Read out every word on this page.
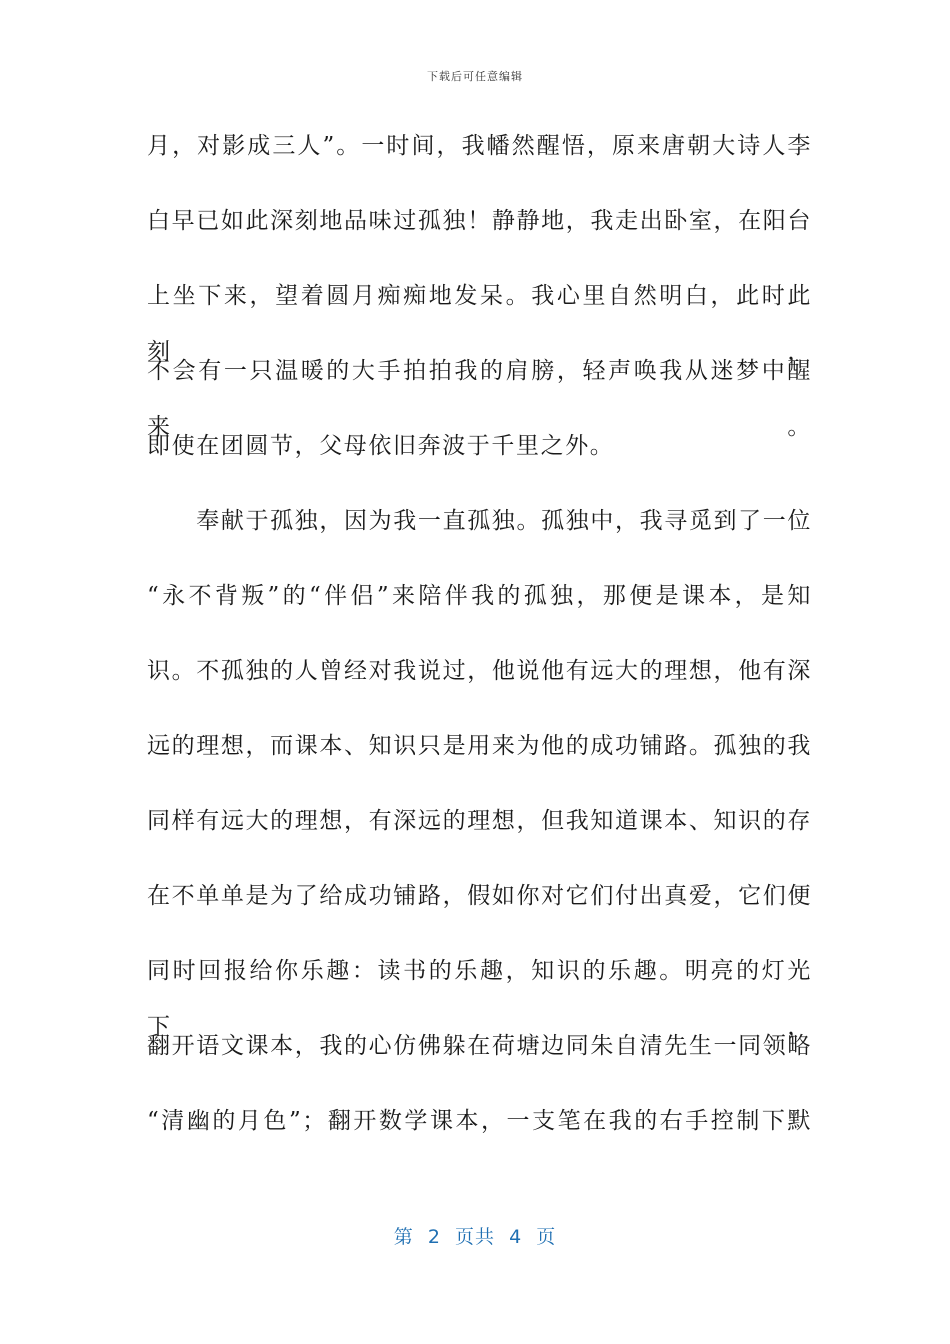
下载后可任意编辑
月，对影成三人”。一时间，我幡然醒悟，原来唐朝大诗人李
白早已如此深刻地品味过孤独！静静地，我走出卧室，在阳台
上坐下来，望着圆月痴痴地发呆。我心里自然明白，此时此刻，
不会有一只温暖的大手拍拍我的肩膀，轻声唤我从迷梦中醒来。
即使在团圆节，父母依旧奔波于千里之外。
　　奉献于孤独，因为我一直孤独。孤独中，我寻觅到了一位
“永不背叛”的“伴侣”来陪伴我的孤独，那便是课本，是知
识。不孤独的人曾经对我说过，他说他有远大的理想，他有深
远的理想，而课本、知识只是用来为他的成功铺路。孤独的我
同样有远大的理想，有深远的理想，但我知道课本、知识的存
在不单单是为了给成功铺路，假如你对它们付出真爱，它们便
同时回报给你乐趣：读书的乐趣，知识的乐趣。明亮的灯光下，
翻开语文课本，我的心仿佛躲在荷塘边同朱自清先生一同领略
“清幽的月色”；翻开数学课本，一支笔在我的右手控制下默
第  2  页共  4  页
